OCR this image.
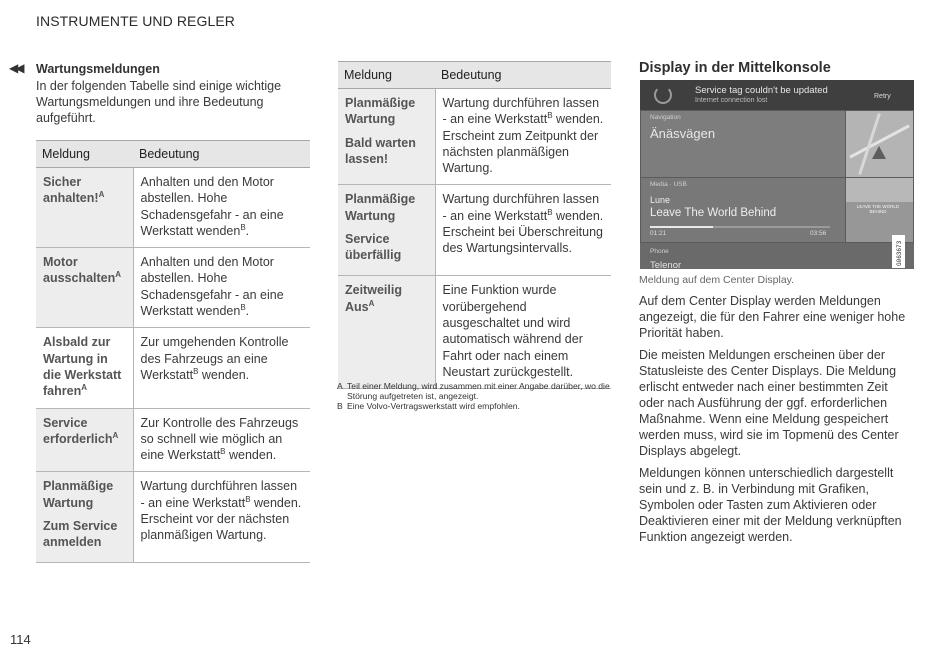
INSTRUMENTE UND REGLER
◀◀ Wartungsmeldungen
In der folgenden Tabelle sind einige wichtige Wartungsmeldungen und ihre Bedeutung aufgeführt.
Meldung	Bedeutung
Sicher anhalten!$^A$	Anhalten und den Motor abstellen. Hohe Schadensgefahr - an eine Werkstatt wenden$^B$.
Motor ausschalten$^A$	Anhalten und den Motor abstellen. Hohe Schadensgefahr - an eine Werkstatt wenden$^B$.
Alsbald zur Wartung in die Werkstatt fahren$^A$	Zur umgehenden Kontrolle des Fahrzeugs an eine Werkstatt$^B$ wenden.
Service erforderlich$^A$	Zur Kontrolle des Fahrzeugs so schnell wie möglich an eine Werkstatt$^B$ wenden.
Planmäßige Wartung
Zum Service anmelden	Wartung durchführen lassen - an eine Werkstatt$^B$ wenden. Erscheint vor der nächsten planmäßigen Wartung.
Meldung	Bedeutung
Planmäßige Wartung
Bald warten lassen!	Wartung durchführen lassen - an eine Werkstatt$^B$ wenden. Erscheint zum Zeitpunkt der nächsten planmäßigen Wartung.
Planmäßige Wartung
Service überfällig	Wartung durchführen lassen - an eine Werkstatt$^B$ wenden. Erscheint bei Überschreitung des Wartungsintervalls.
Zeitweilig Aus$^A$	Eine Funktion wurde vorübergehend ausgeschaltet und wird automatisch während der Fahrt oder nach einem Neustart zurückgestellt.
A Teil einer Meldung, wird zusammen mit einer Angabe darüber, wo die Störung aufgetreten ist, angezeigt.
B Eine Volvo-Vertragswerkstatt wird empfohlen.
Display in der Mittelkonsole
Service tag couldn't be updated
Internet connection lost
Retry
Navigation
Änäsvägen
Media · USB
Lune
Leave The World Behind
01:21	03:56
LEAVE THE WORLD BEHIND
Phone
Telenor	G063673
Meldung auf dem Center Display.

Auf dem Center Display werden Meldungen angezeigt, die für den Fahrer eine weniger hohe Priorität haben.

Die meisten Meldungen erscheinen über der Statusleiste des Center Displays. Die Meldung erlischt entweder nach einer bestimmten Zeit oder nach Ausführung der ggf. erforderlichen Maßnahme. Wenn eine Meldung gespeichert werden muss, wird sie im Topmenü des Center Displays abgelegt.

Meldungen können unterschiedlich dargestellt sein und z. B. in Verbindung mit Grafiken, Symbolen oder Tasten zum Aktivieren oder Deaktivieren einer mit der Meldung verknüpften Funktion angezeigt werden.

114
